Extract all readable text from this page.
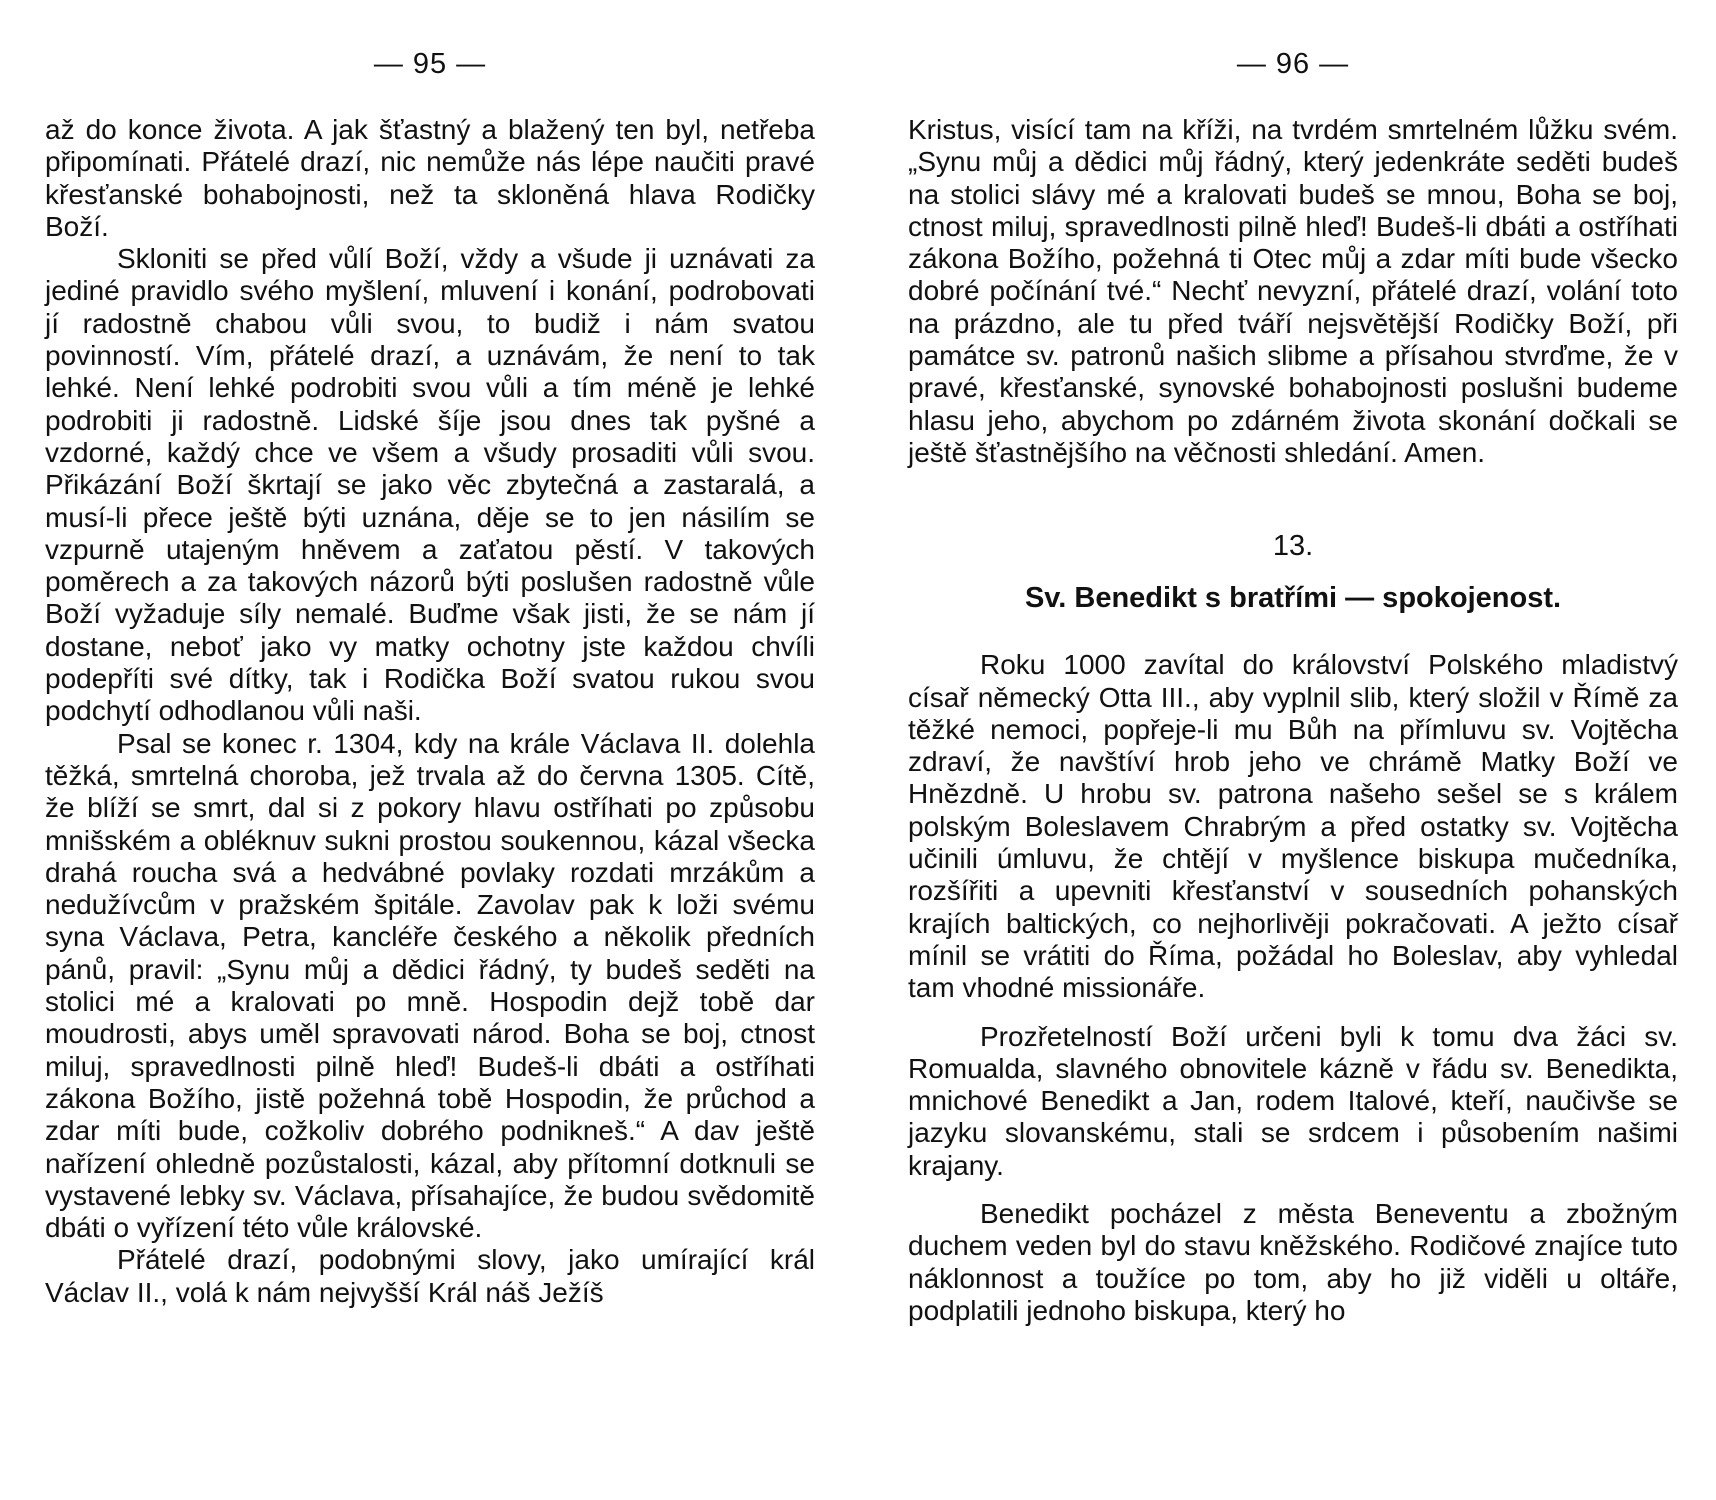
— 95 —

až do konce života. A jak šťastný a blažený ten byl, netřeba připomínati. Přátelé drazí, nic nemůže nás lépe naučiti pravé křesťanské bohabojnosti, než ta skloněná hlava Rodičky Boží.

Skloniti se před vůlí Boží, vždy a všude ji uznávati za jediné pravidlo svého myšlení, mluvení i konání, podrobovati jí radostně chabou vůli svou, to budiž i nám svatou povinností. Vím, přátelé drazí, a uznávám, že není to tak lehké. Není lehké podrobiti svou vůli a tím méně je lehké podrobiti ji radostně. Lidské šíje jsou dnes tak pyšné a vzdorné, každý chce ve všem a všudy prosaditi vůli svou. Přikázání Boží škrtají se jako věc zbytečná a zastaralá, a musí-li přece ještě býti uznána, děje se to jen násilím se vzpurně utajeným hněvem a zaťatou pěstí. V takových poměrech a za takových názorů býti poslušen radostně vůle Boží vyžaduje síly nemalé. Buďme však jisti, že se nám jí dostane, neboť jako vy matky ochotny jste každou chvíli podepříti své dítky, tak i Rodička Boží svatou rukou svou podchytí odhodlanou vůli naši.

Psal se konec r. 1304, kdy na krále Václava II. dolehla těžká, smrtelná choroba, jež trvala až do června 1305. Cítě, že blíží se smrt, dal si z pokory hlavu ostříhati po způsobu mnišském a obléknuv sukni prostou soukennou, kázal všecka drahá roucha svá a hedvábné povlaky rozdati mrzákům a nedužívcům v pražském špitále. Zavolav pak k loži svému syna Václava, Petra, kancléře českého a několik předních pánů, pravil: „Synu můj a dědici řádný, ty budeš seděti na stolici mé a kralovati po mně. Hospodin dejž tobě dar moudrosti, abys uměl spravovati národ. Boha se boj, ctnost miluj, spravedlnosti pilně hleď! Budeš-li dbáti a ostříhati zákona Božího, jistě požehná tobě Hospodin, že průchod a zdar míti bude, cožkoliv dobrého podnikneš.“ A dav ještě nařízení ohledně pozůstalosti, kázal, aby přítomní dotknuli se vystavené lebky sv. Václava, přísahajíce, že budou svědomitě dbáti o vyřízení této vůle královské.

Přátelé drazí, podobnými slovy, jako umírající král Václav II., volá k nám nejvyšší Král náš Ježíš

— 96 —

Kristus, visící tam na kříži, na tvrdém smrtelném lůžku svém. „Synu můj a dědici můj řádný, který jedenkráte seděti budeš na stolici slávy mé a kralovati budeš se mnou, Boha se boj, ctnost miluj, spravedlnosti pilně hleď! Budeš-li dbáti a ostříhati zákona Božího, požehná ti Otec můj a zdar míti bude všecko dobré počínání tvé.“ Nechť nevyzní, přátelé drazí, volání toto na prázdno, ale tu před tváří nejsvětější Rodičky Boží, při památce sv. patronů našich slibme a přísahou stvrďme, že v pravé, křesťanské, synovské bohabojnosti poslušni budeme hlasu jeho, abychom po zdárném života skonání dočkali se ještě šťastnějšího na věčnosti shledání. Amen.

13.
Sv. Benedikt s bratřími — spokojenost.

Roku 1000 zavítal do království Polského mladistvý císař německý Otta III., aby vyplnil slib, který složil v Římě za těžké nemoci, popřeje-li mu Bůh na přímluvu sv. Vojtěcha zdraví, že navštíví hrob jeho ve chrámě Matky Boží ve Hnězdně. U hrobu sv. patrona našeho sešel se s králem polským Boleslavem Chrabrým a před ostatky sv. Vojtěcha učinili úmluvu, že chtějí v myšlence biskupa mučedníka, rozšířiti a upevniti křesťanství v sousedních pohanských krajích baltických, co nejhorlivěji pokračovati. A ježto císař mínil se vrátiti do Říma, požádal ho Boleslav, aby vyhledal tam vhodné missionáře.

Prozřetelností Boží určeni byli k tomu dva žáci sv. Romualda, slavného obnovitele kázně v řádu sv. Benedikta, mnichové Benedikt a Jan, rodem Italové, kteří, naučivše se jazyku slovanskému, stali se srdcem i působením našimi krajany.

Benedikt pocházel z města Beneventu a zbožným duchem veden byl do stavu kněžského. Rodičové znajíce tuto náklonnost a toužíce po tom, aby ho již viděli u oltáře, podplatili jednoho biskupa, který ho
